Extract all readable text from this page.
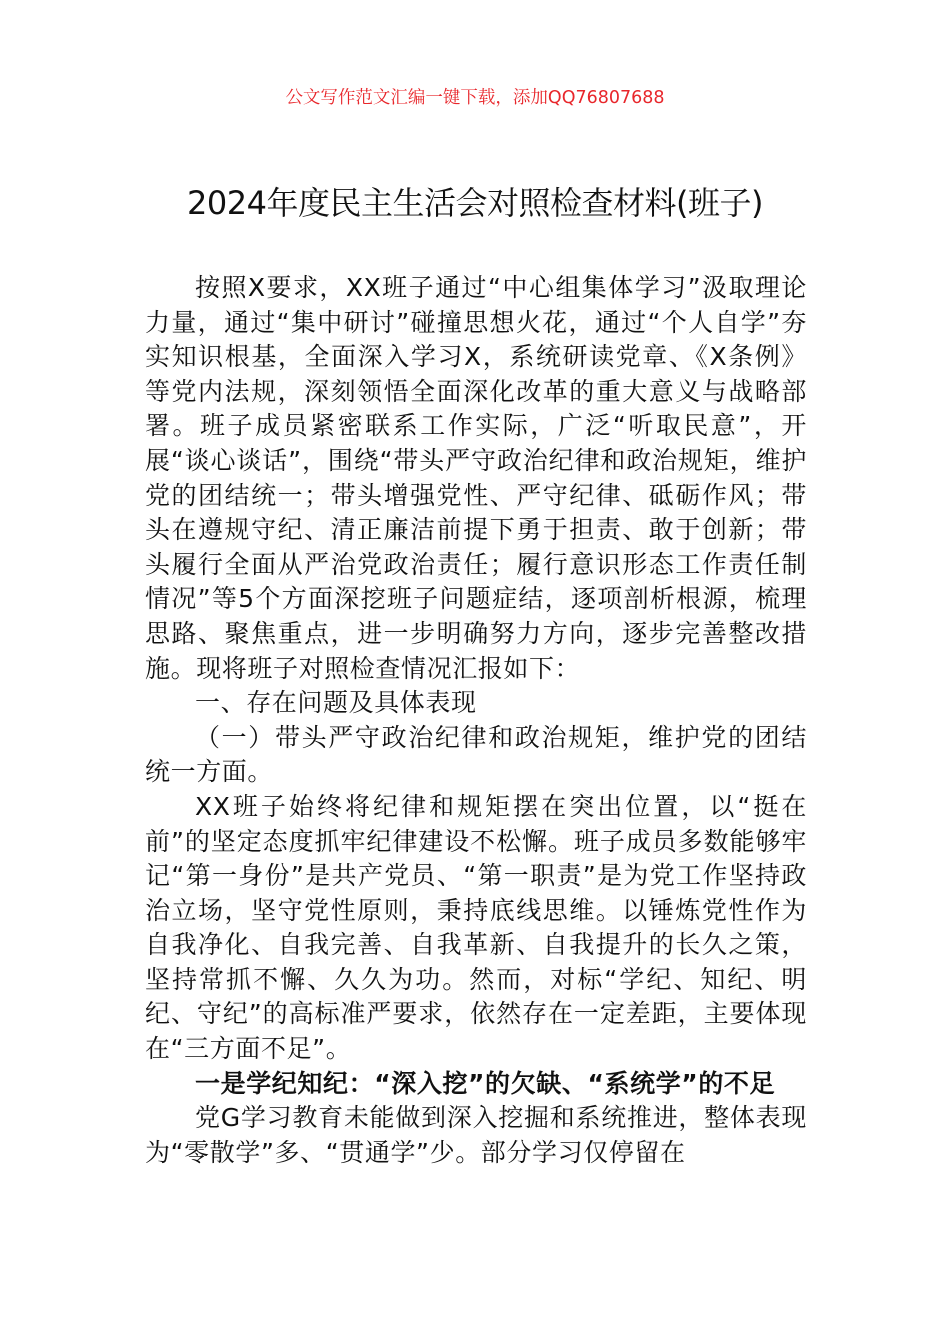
公文写作范文汇编一键下载，添加QQ76807688
2024年度民主生活会对照检查材料(班子)

按照X要求，XX班子通过“中心组集体学习”汲取理论力量，通过“集中研讨”碰撞思想火花，通过“个人自学”夯实知识根基，全面深入学习X，系统研读党章、《X条例》等党内法规，深刻领悟全面深化改革的重大意义与战略部署。班子成员紧密联系工作实际，广泛“听取民意”，开展“谈心谈话”，围绕“带头严守政治纪律和政治规矩，维护党的团结统一；带头增强党性、严守纪律、砥砺作风；带头在遵规守纪、清正廉洁前提下勇于担责、敢于创新；带头履行全面从严治党政治责任；履行意识形态工作责任制情况”等5个方面深挖班子问题症结，逐项剖析根源，梳理思路、聚焦重点，进一步明确努力方向，逐步完善整改措施。现将班子对照检查情况汇报如下：

一、存在问题及具体表现

（一）带头严守政治纪律和政治规矩，维护党的团结统一方面。

XX班子始终将纪律和规矩摆在突出位置，以“挺在前”的坚定态度抓牢纪律建设不松懈。班子成员多数能够牢记“第一身份”是共产党员、“第一职责”是为党工作坚持政治立场，坚守党性原则，秉持底线思维。以锤炼党性作为自我净化、自我完善、自我革新、自我提升的长久之策，坚持常抓不懈、久久为功。然而，对标“学纪、知纪、明纪、守纪”的高标准严要求，依然存在一定差距，主要体现在“三方面不足”。

一是学纪知纪：“深入挖”的欠缺、“系统学”的不足

党G学习教育未能做到深入挖掘和系统推进，整体表现为“零散学”多、“贯通学”少。部分学习仅停留在
